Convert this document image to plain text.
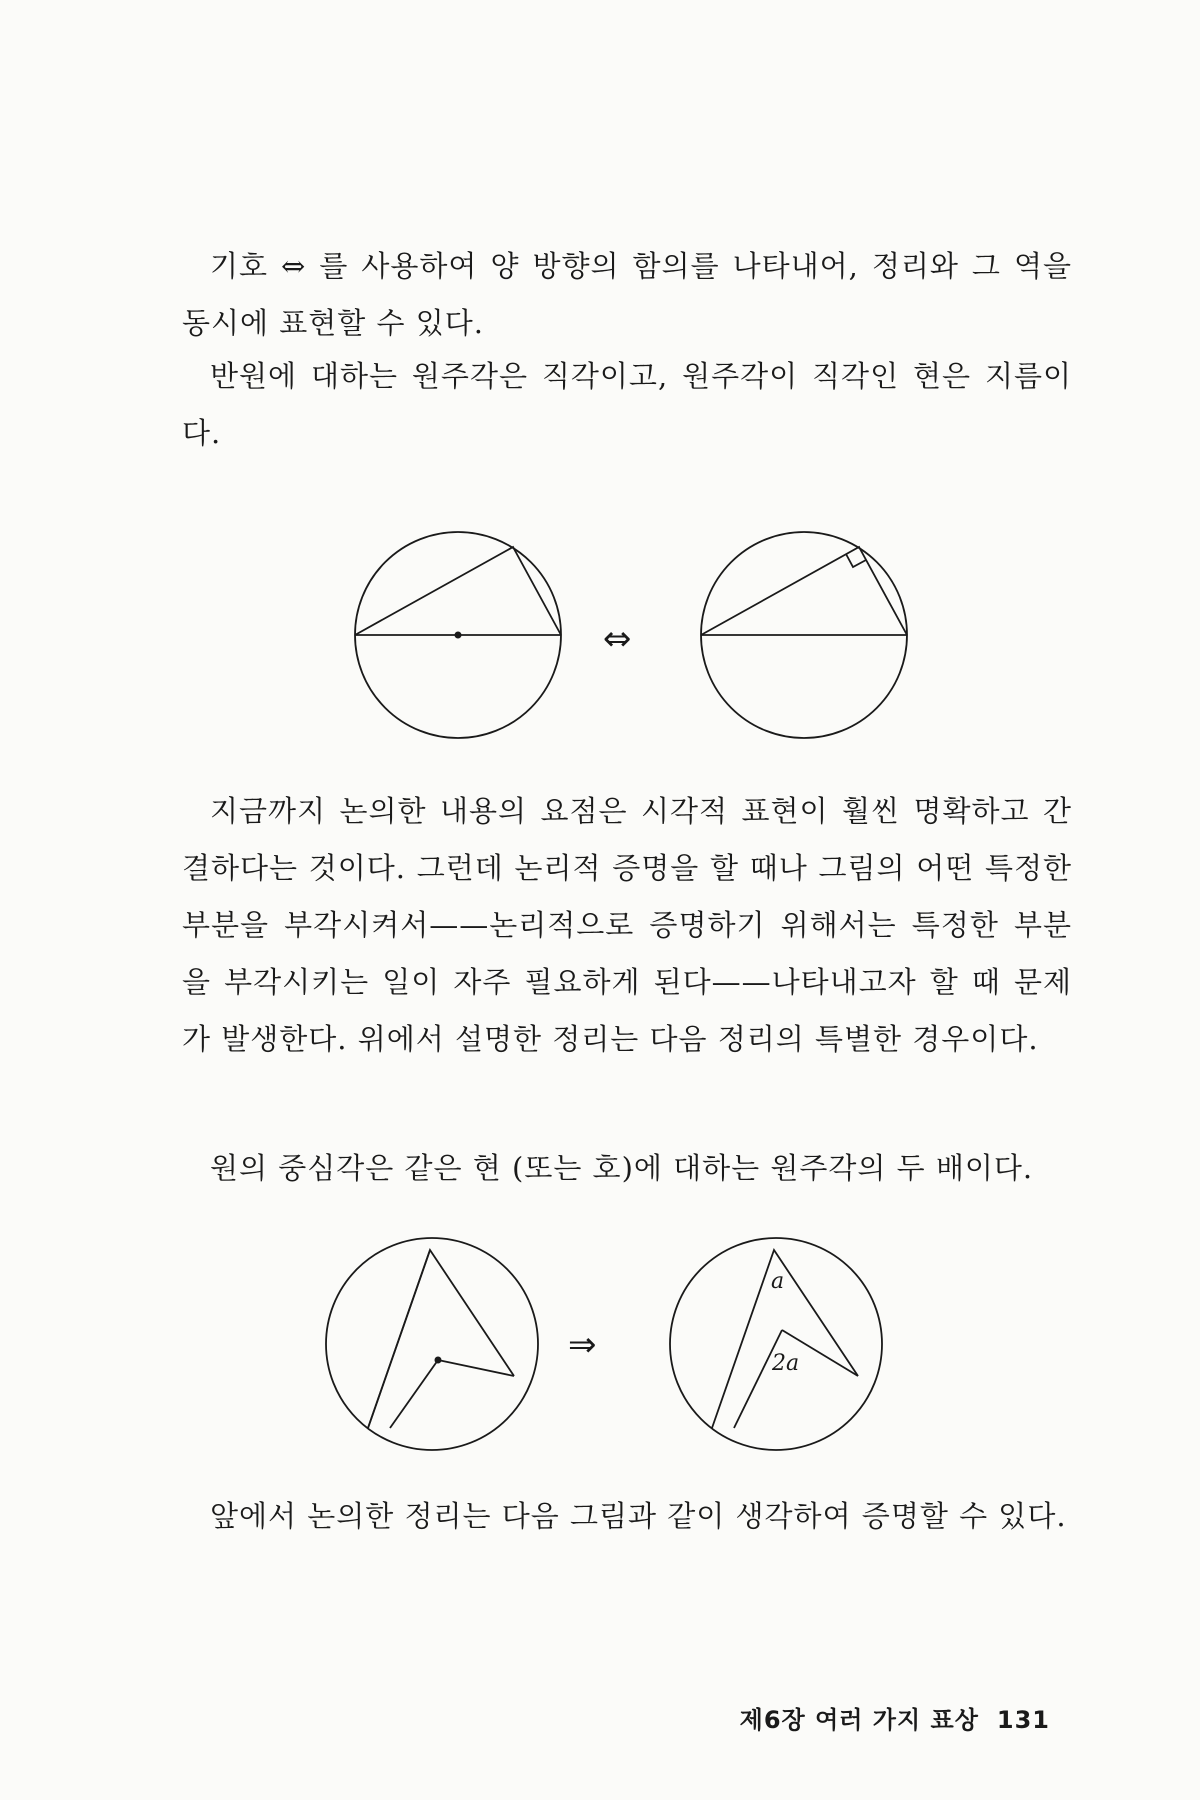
기호 ⇔ 를 사용하여 양 방향의 함의를 나타내어, 정리와 그 역을 동시에 표현할 수 있다.

반원에 대하는 원주각은 직각이고, 원주각이 직각인 현은 지름이다.

⇔

지금까지 논의한 내용의 요점은 시각적 표현이 훨씬 명확하고 간결하다는 것이다. 그런데 논리적 증명을 할 때나 그림의 어떤 특정한 부분을 부각시켜서——논리적으로 증명하기 위해서는 특정한 부분을 부각시키는 일이 자주 필요하게 된다——나타내고자 할 때 문제가 발생한다. 위에서 설명한 정리는 다음 정리의 특별한 경우이다.

원의 중심각은 같은 현 (또는 호)에 대하는 원주각의 두 배이다.

⇒
a
2a

앞에서 논의한 정리는 다음 그림과 같이 생각하여 증명할 수 있다.

제6장 여러 가지 표상 131
